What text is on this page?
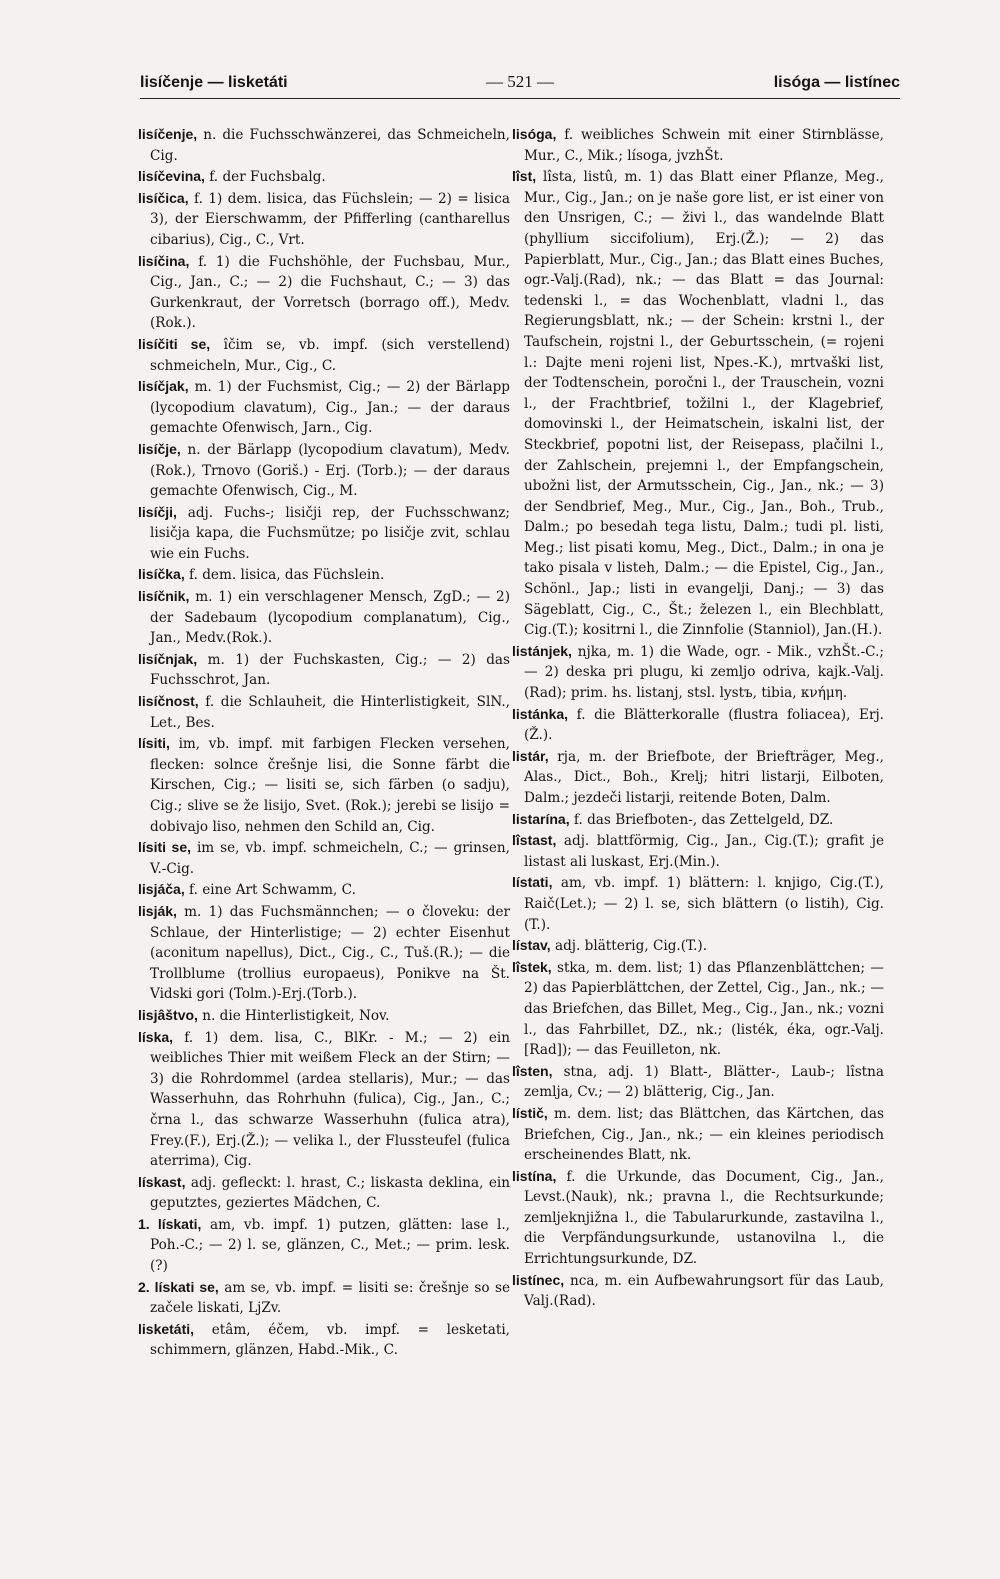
lisíčenje — lisketáti	— 521 —	lisóga — listínec

lisíčenje, n. die Fuchsschwänzerei, das Schmeicheln, Cig.

lisíčevina, f. der Fuchsbalg.

lisíčica, f. 1) dem. lisica, das Füchslein; — 2) = lisica 3), der Eierschwamm, der Pfifferling (cantharellus cibarius), Cig., C., Vrt.

lisíčina, f. 1) die Fuchshöhle, der Fuchsbau, Mur., Cig., Jan., C.; — 2) die Fuchshaut, C.; — 3) das Gurkenkraut, der Vorretsch (borrago off.), Medv.(Rok.).

lisíčiti se, îčim se, vb. impf. (sich verstellend) schmeicheln, Mur., Cig., C.

lisíčjak, m. 1) der Fuchsmist, Cig.; — 2) der Bärlapp (lycopodium clavatum), Cig., Jan.; — der daraus gemachte Ofenwisch, Jarn., Cig.

lisíčje, n. der Bärlapp (lycopodium clavatum), Medv.(Rok.), Trnovo (Goriš.) - Erj. (Torb.); — der daraus gemachte Ofenwisch, Cig., M.

lisíčji, adj. Fuchs-; lisičji rep, der Fuchsschwanz; lisičja kapa, die Fuchsmütze; po lisičje zvit, schlau wie ein Fuchs.

lisíčka, f. dem. lisica, das Füchslein.

lisíčnik, m. 1) ein verschlagener Mensch, ZgD.; — 2) der Sadebaum (lycopodium complanatum), Cig., Jan., Medv.(Rok.).

lisíčnjak, m. 1) der Fuchskasten, Cig.; — 2) das Fuchsschrot, Jan.

lisíčnost, f. die Schlauheit, die Hinterlistigkeit, SlN., Let., Bes.

lísiti, im, vb. impf. mit farbigen Flecken versehen, flecken: solnce črešnje lisi, die Sonne färbt die Kirschen, Cig.; — lisiti se, sich färben (o sadju), Cig.; slive se že lisijo, Svet. (Rok.); jerebi se lisijo = dobivajo liso, nehmen den Schild an, Cig.

lísiti se, im se, vb. impf. schmeicheln, C.; — grinsen, V.-Cig.

lisjáča, f. eine Art Schwamm, C.

lisják, m. 1) das Fuchsmännchen; — o človeku: der Schlaue, der Hinterlistige; — 2) echter Eisenhut (aconitum napellus), Dict., Cig., C., Tuš.(R.); — die Trollblume (trollius europaeus), Ponikve na Št. Vidski gori (Tolm.)-Erj.(Torb.).

lisjâštvo, n. die Hinterlistigkeit, Nov.

líska, f. 1) dem. lisa, C., BlKr. - M.; — 2) ein weibliches Thier mit weißem Fleck an der Stirn; — 3) die Rohrdommel (ardea stellaris), Mur.; — das Wasserhuhn, das Rohrhuhn (fulica), Cig., Jan., C.; črna l., das schwarze Wasserhuhn (fulica atra), Frey.(F.), Erj.(Ž.); — velika l., der Flussteufel (fulica aterrima), Cig.

lískast, adj. gefleckt: l. hrast, C.; liskasta deklina, ein geputztes, geziertes Mädchen, C.

1. lískati, am, vb. impf. 1) putzen, glätten: lase l., Poh.-C.; — 2) l. se, glänzen, C., Met.; — prim. lesk. (?)

2. lískati se, am se, vb. impf. = lisiti se: črešnje so se začele liskati, LjZv.

lisketáti, etâm, éčem, vb. impf. = lesketati, schimmern, glänzen, Habd.-Mik., C.

lisóga, f. weibliches Schwein mit einer Stirnblässe, Mur., C., Mik.; lísoga, jvzhŠt.

lîst, lîsta, listû, m. 1) das Blatt einer Pflanze, Meg., Mur., Cig., Jan.; on je naše gore list, er ist einer von den Unsrigen, C.; — živi l., das wandelnde Blatt (phyllium siccifolium), Erj.(Ž.); — 2) das Papierblatt, Mur., Cig., Jan.; das Blatt eines Buches, ogr.-Valj.(Rad), nk.; — das Blatt = das Journal: tedenski l., = das Wochenblatt, vladni l., das Regierungsblatt, nk.; — der Schein: krstni l., der Taufschein, rojstni l., der Geburtsschein, (= rojeni l.: Dajte meni rojeni list, Npes.-K.), mrtvaški list, der Todtenschein, poročni l., der Trauschein, vozni l., der Frachtbrief, tožilni l., der Klagebrief, domovinski l., der Heimatschein, iskalni list, der Steckbrief, popotni list, der Reisepass, plačilni l., der Zahlschein, prejemni l., der Empfangschein, ubožni list, der Armutsschein, Cig., Jan., nk.; — 3) der Sendbrief, Meg., Mur., Cig., Jan., Boh., Trub., Dalm.; po besedah tega listu, Dalm.; tudi pl. listi, Meg.; list pisati komu, Meg., Dict., Dalm.; in ona je tako pisala v listeh, Dalm.; — die Epistel, Cig., Jan., Schönl., Jap.; listi in evangelji, Danj.; — 3) das Sägeblatt, Cig., C., Št.; železen l., ein Blechblatt, Cig.(T.); kositrni l., die Zinnfolie (Stanniol), Jan.(H.).

listánjek, njka, m. 1) die Wade, ogr. - Mik., vzhŠt.-C.; — 2) deska pri plugu, ki zemljo odriva, kajk.-Valj.(Rad); prim. hs. listanj, stsl. lystъ, tibia, κνήμη.

listánka, f. die Blätterkoralle (flustra foliacea), Erj.(Ž.).

listár, rja, m. der Briefbote, der Briefträger, Meg., Alas., Dict., Boh., Krelj; hitri listarji, Eilboten, Dalm.; jezdeči listarji, reitende Boten, Dalm.

listarína, f. das Briefboten-, das Zettelgeld, DZ.

lîstast, adj. blattförmig, Cig., Jan., Cig.(T.); grafit je listast ali luskast, Erj.(Min.).

lístati, am, vb. impf. 1) blättern: l. knjigo, Cig.(T.), Raič(Let.); — 2) l. se, sich blättern (o listih), Cig.(T.).

lístav, adj. blätterig, Cig.(T.).

lîstek, stka, m. dem. list; 1) das Pflanzenblättchen; — 2) das Papierblättchen, der Zettel, Cig., Jan., nk.; — das Briefchen, das Billet, Meg., Cig., Jan., nk.; vozni l., das Fahrbillet, DZ., nk.; (listék, éka, ogr.-Valj. [Rad]); — das Feuilleton, nk.

lîsten, stna, adj. 1) Blatt-, Blätter-, Laub-; lîstna zemlja, Cv.; — 2) blätterig, Cig., Jan.

lístič, m. dem. list; das Blättchen, das Kärtchen, das Briefchen, Cig., Jan., nk.; — ein kleines periodisch erscheinendes Blatt, nk.

listína, f. die Urkunde, das Document, Cig., Jan., Levst.(Nauk), nk.; pravna l., die Rechtsurkunde; zemljeknjižna l., die Tabularurkunde, zastavilna l., die Verpfändungsurkunde, ustanovilna l., die Errichtungsurkunde, DZ.

listínec, nca, m. ein Aufbewahrungsort für das Laub, Valj.(Rad).
